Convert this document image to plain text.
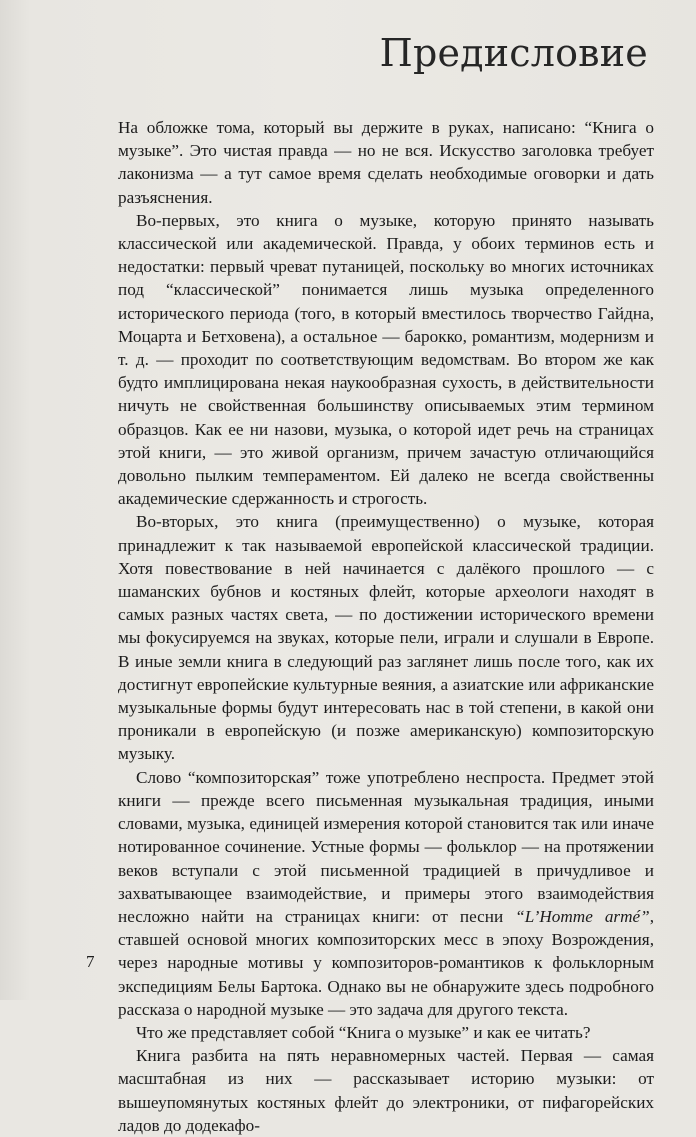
Предисловие

На обложке тома, который вы держите в руках, написано: “Книга о музыке”. Это чистая правда — но не вся. Искусство заголовка требует лаконизма — а тут самое время сделать необходимые оговорки и дать разъяснения.

Во-первых, это книга о музыке, которую принято называть классической или академической. Правда, у обоих терминов есть и недостатки: первый чреват путаницей, поскольку во многих источниках под “классической” понимается лишь музыка определенного исторического периода (того, в который вместилось творчество Гайдна, Моцарта и Бетховена), а остальное — барокко, романтизм, модернизм и т. д. — проходит по соответствующим ведомствам. Во втором же как будто имплицирована некая наукообразная сухость, в действительности ничуть не свойственная большинству описываемых этим термином образцов. Как ее ни назови, музыка, о которой идет речь на страницах этой книги, — это живой организм, причем зачастую отличающийся довольно пылким темпераментом. Ей далеко не всегда свойственны академические сдержанность и строгость.

Во-вторых, это книга (преимущественно) о музыке, которая принадлежит к так называемой европейской классической традиции. Хотя повествование в ней начинается с далёкого прошлого — с шаманских бубнов и костяных флейт, которые археологи находят в самых разных частях света, — по достижении исторического времени мы фокусируемся на звуках, которые пели, играли и слушали в Европе. В иные земли книга в следующий раз заглянет лишь после того, как их достигнут европейские культурные веяния, а азиатские или африканские музыкальные формы будут интересовать нас в той степени, в какой они проникали в европейскую (и позже американскую) композиторскую музыку.

Слово “композиторская” тоже употреблено неспроста. Предмет этой книги — прежде всего письменная музыкальная традиция, иными словами, музыка, единицей измерения которой становится так или иначе нотированное сочинение. Устные формы — фольклор — на протяжении веков вступали с этой письменной традицией в причудливое и захватывающее взаимодействие, и примеры этого взаимодействия несложно найти на страницах книги: от песни “L’Homme armé”, ставшей основой многих композиторских месс в эпоху Возрождения, через народные мотивы у композиторов-романтиков к фольклорным экспедициям Белы Бартока. Однако вы не обнаружите здесь подробного рассказа о народной музыке — это задача для другого текста.

Что же представляет собой “Книга о музыке” и как ее читать?

Книга разбита на пять неравномерных частей. Первая — самая масштабная из них — рассказывает историю музыки: от вышеупомянутых костяных флейт до электроники, от пифагорейских ладов до додекафо-

7
